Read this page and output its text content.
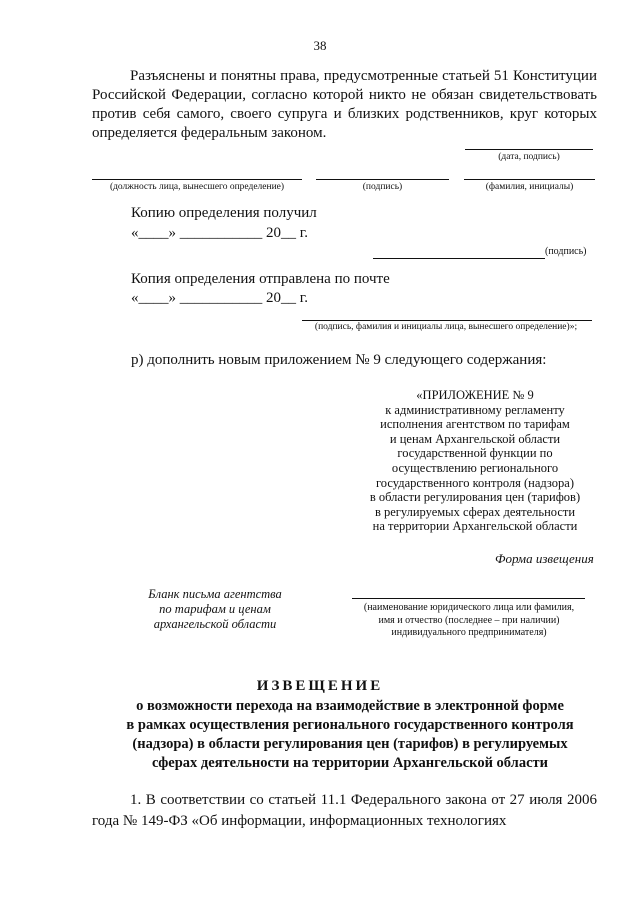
38
Разъяснены и понятны права, предусмотренные статьей 51 Конституции Российской Федерации, согласно которой никто не обязан свидетельствовать против себя самого, своего супруга и близких родственников, круг которых определяется федеральным законом.
(дата, подпись)
(должность лица, вынесшего определение)	(подпись)	(фамилия, инициалы)
Копию определения получил
«____» ___________ 20__ г.
(подпись)
Копия определения отправлена по почте
«____» ___________ 20__ г.
(подпись, фамилия и инициалы лица, вынесшего определение)»;
р) дополнить новым приложением № 9 следующего содержания:
«ПРИЛОЖЕНИЕ № 9
к административному регламенту
исполнения агентством по тарифам
и ценам Архангельской области
государственной функции по
осуществлению регионального
государственного контроля (надзора)
в области регулирования цен (тарифов)
в регулируемых сферах деятельности
на территории Архангельской области
Форма извещения
Бланк письма агентства
по тарифам и ценам
архангельской области
(наименование юридического лица или фамилия,
имя и отчество (последнее – при наличии)
индивидуального предпринимателя)
ИЗВЕЩЕНИЕ
о возможности перехода на взаимодействие в электронной форме
в рамках осуществления регионального государственного контроля
(надзора) в области регулирования цен (тарифов) в регулируемых
сферах деятельности на территории Архангельской области
1. В соответствии со статьей 11.1 Федерального закона от 27 июля 2006 года № 149-ФЗ «Об информации, информационных технологиях
